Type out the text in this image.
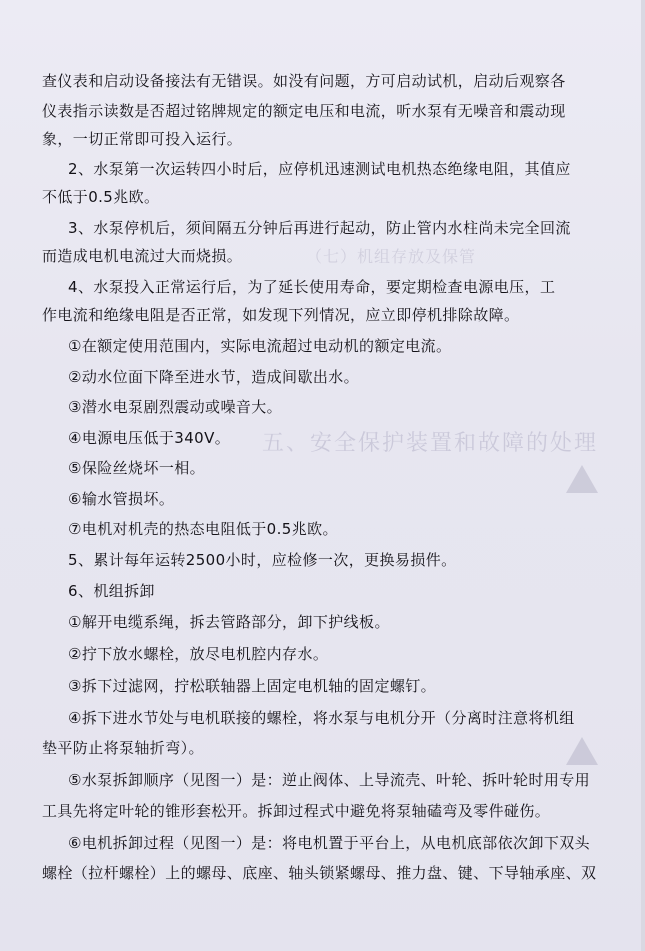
（七）机组存放及保管
五、安全保护装置和故障的处理
查仪表和启动设备接法有无错误。如没有问题，方可启动试机，启动后观察各
仪表指示读数是否超过铭牌规定的额定电压和电流，听水泵有无噪音和震动现
象，一切正常即可投入运行。
2、水泵第一次运转四小时后，应停机迅速测试电机热态绝缘电阻，其值应
不低于0.5兆欧。
3、水泵停机后，须间隔五分钟后再进行起动，防止管内水柱尚未完全回流
而造成电机电流过大而烧损。
4、水泵投入正常运行后，为了延长使用寿命，要定期检查电源电压，工
作电流和绝缘电阻是否正常，如发现下列情况，应立即停机排除故障。
①在额定使用范围内，实际电流超过电动机的额定电流。
②动水位面下降至进水节，造成间歇出水。
③潜水电泵剧烈震动或噪音大。
④电源电压低于340V。
⑤保险丝烧坏一相。
⑥输水管损坏。
⑦电机对机壳的热态电阻低于0.5兆欧。
5、累计每年运转2500小时，应检修一次，更换易损件。
6、机组拆卸
①解开电缆系绳，拆去管路部分，卸下护线板。
②拧下放水螺栓，放尽电机腔内存水。
③拆下过滤网，拧松联轴器上固定电机轴的固定螺钉。
④拆下进水节处与电机联接的螺栓，将水泵与电机分开（分离时注意将机组
垫平防止将泵轴折弯）。
⑤水泵拆卸顺序（见图一）是：逆止阀体、上导流壳、叶轮、拆叶轮时用专用
工具先将定叶轮的锥形套松开。拆卸过程式中避免将泵轴磕弯及零件碰伤。
⑥电机拆卸过程（见图一）是：将电机置于平台上，从电机底部依次卸下双头
螺栓（拉杆螺栓）上的螺母、底座、轴头锁紧螺母、推力盘、键、下导轴承座、双
